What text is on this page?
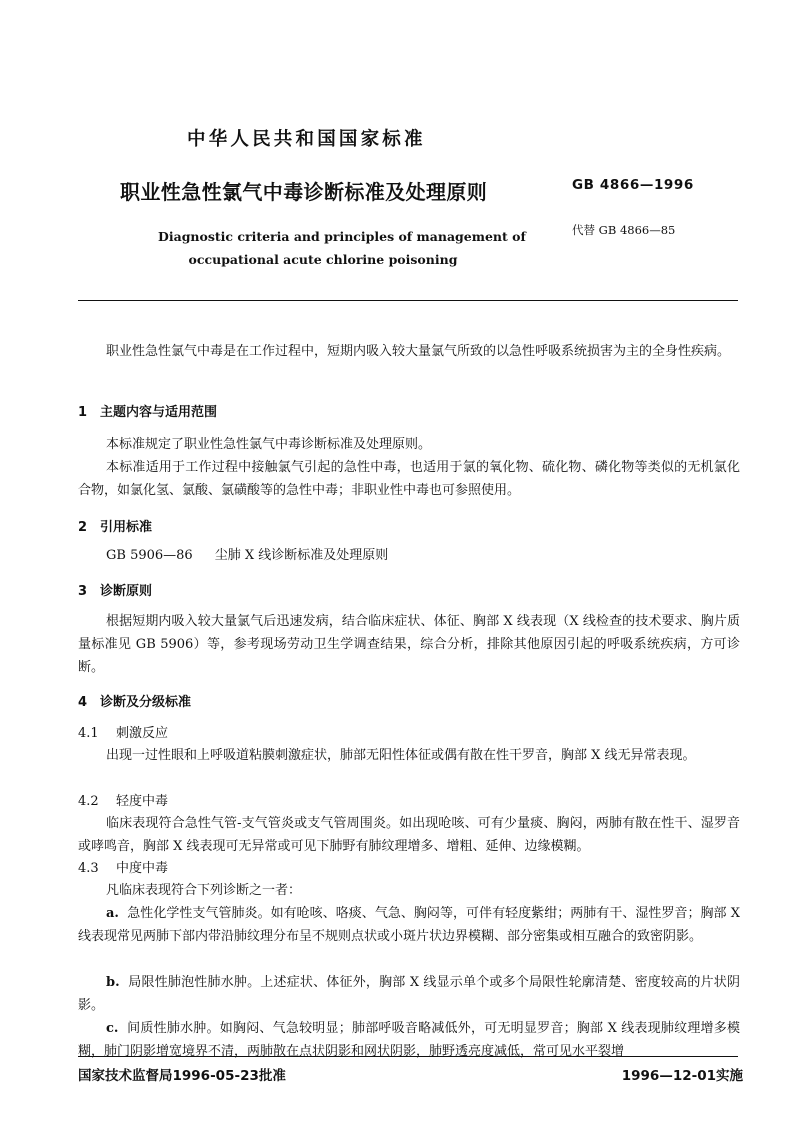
中华人民共和国国家标准
职业性急性氯气中毒诊断标准及处理原则	GB 4866—1996
代替 GB 4866—85
Diagnostic criteria and principles of management of
occupational acute chlorine poisoning
职业性急性氯气中毒是在工作过程中，短期内吸入较大量氯气所致的以急性呼吸系统损害为主的全身性疾病。
1 主题内容与适用范围
本标准规定了职业性急性氯气中毒诊断标准及处理原则。
本标准适用于工作过程中接触氯气引起的急性中毒，也适用于氯的氧化物、硫化物、磷化物等类似的无机氯化合物，如氯化氢、氯酸、氯磺酸等的急性中毒；非职业性中毒也可参照使用。
2 引用标准
GB 5906—86 尘肺 X 线诊断标准及处理原则
3 诊断原则
根据短期内吸入较大量氯气后迅速发病，结合临床症状、体征、胸部 X 线表现（X 线检查的技术要求、胸片质量标准见 GB 5906）等，参考现场劳动卫生学调查结果，综合分析，排除其他原因引起的呼吸系统疾病，方可诊断。
4 诊断及分级标准
4.1 刺激反应
出现一过性眼和上呼吸道粘膜刺激症状，肺部无阳性体征或偶有散在性干罗音，胸部 X 线无异常表现。
4.2 轻度中毒
临床表现符合急性气管-支气管炎或支气管周围炎。如出现呛咳、可有少量痰、胸闷，两肺有散在性干、湿罗音或哮鸣音，胸部 X 线表现可无异常或可见下肺野有肺纹理增多、增粗、延伸、边缘模糊。
4.3 中度中毒
凡临床表现符合下列诊断之一者：
a. 急性化学性支气管肺炎。如有呛咳、咯痰、气急、胸闷等，可伴有轻度紫绀；两肺有干、湿性罗音；胸部 X 线表现常见两肺下部内带沿肺纹理分布呈不规则点状或小斑片状边界模糊、部分密集或相互融合的致密阴影。
b. 局限性肺泡性肺水肿。上述症状、体征外，胸部 X 线显示单个或多个局限性轮廓清楚、密度较高的片状阴影。
c. 间质性肺水肿。如胸闷、气急较明显；肺部呼吸音略减低外，可无明显罗音；胸部 X 线表现肺纹理增多模糊，肺门阴影增宽境界不清，两肺散在点状阴影和网状阴影，肺野透亮度减低，常可见水平裂增
国家技术监督局1996-05-23批准	1996—12-01实施
